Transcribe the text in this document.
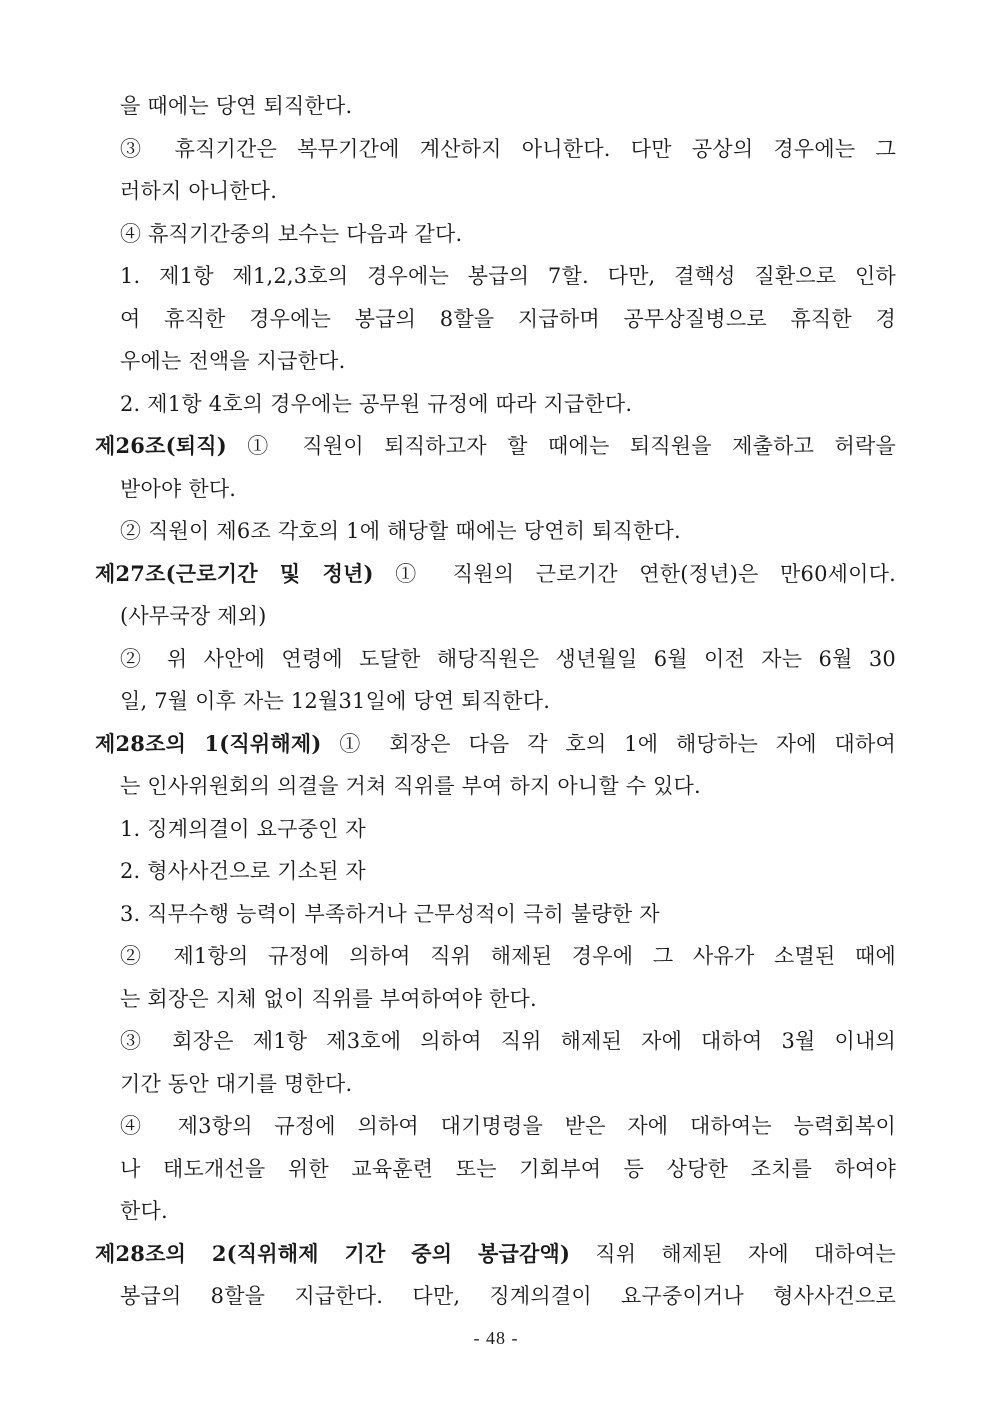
을 때에는 당연 퇴직한다.
③ 휴직기간은 복무기간에 계산하지 아니한다. 다만 공상의 경우에는 그
러하지 아니한다.
④ 휴직기간중의 보수는 다음과 같다.
1. 제1항 제1,2,3호의 경우에는 봉급의 7할. 다만, 결핵성 질환으로 인하
여 휴직한 경우에는 봉급의 8할을 지급하며 공무상질병으로 휴직한 경
우에는 전액을 지급한다.
2. 제1항 4호의 경우에는 공무원 규정에 따라 지급한다.
제26조(퇴직) ① 직원이 퇴직하고자 할 때에는 퇴직원을 제출하고 허락을
받아야 한다.
② 직원이 제6조 각호의 1에 해당할 때에는 당연히 퇴직한다.
제27조(근로기간 및 정년) ① 직원의 근로기간 연한(정년)은 만60세이다.
(사무국장 제외)
② 위 사안에 연령에 도달한 해당직원은 생년월일 6월 이전 자는 6월 30
일, 7월 이후 자는 12월31일에 당연 퇴직한다.
제28조의 1(직위해제) ① 회장은 다음 각 호의 1에 해당하는 자에 대하여
는 인사위원회의 의결을 거쳐 직위를 부여 하지 아니할 수 있다.
1. 징계의결이 요구중인 자
2. 형사사건으로 기소된 자
3. 직무수행 능력이 부족하거나 근무성적이 극히 불량한 자
② 제1항의 규정에 의하여 직위 해제된 경우에 그 사유가 소멸된 때에
는 회장은 지체 없이 직위를 부여하여야 한다.
③ 회장은 제1항 제3호에 의하여 직위 해제된 자에 대하여 3월 이내의
기간 동안 대기를 명한다.
④ 제3항의 규정에 의하여 대기명령을 받은 자에 대하여는 능력회복이
나 태도개선을 위한 교육훈련 또는 기회부여 등 상당한 조치를 하여야
한다.
제28조의 2(직위해제 기간 중의 봉급감액) 직위 해제된 자에 대하여는
봉급의 8할을 지급한다. 다만, 징계의결이 요구중이거나 형사사건으로
- 48 -
